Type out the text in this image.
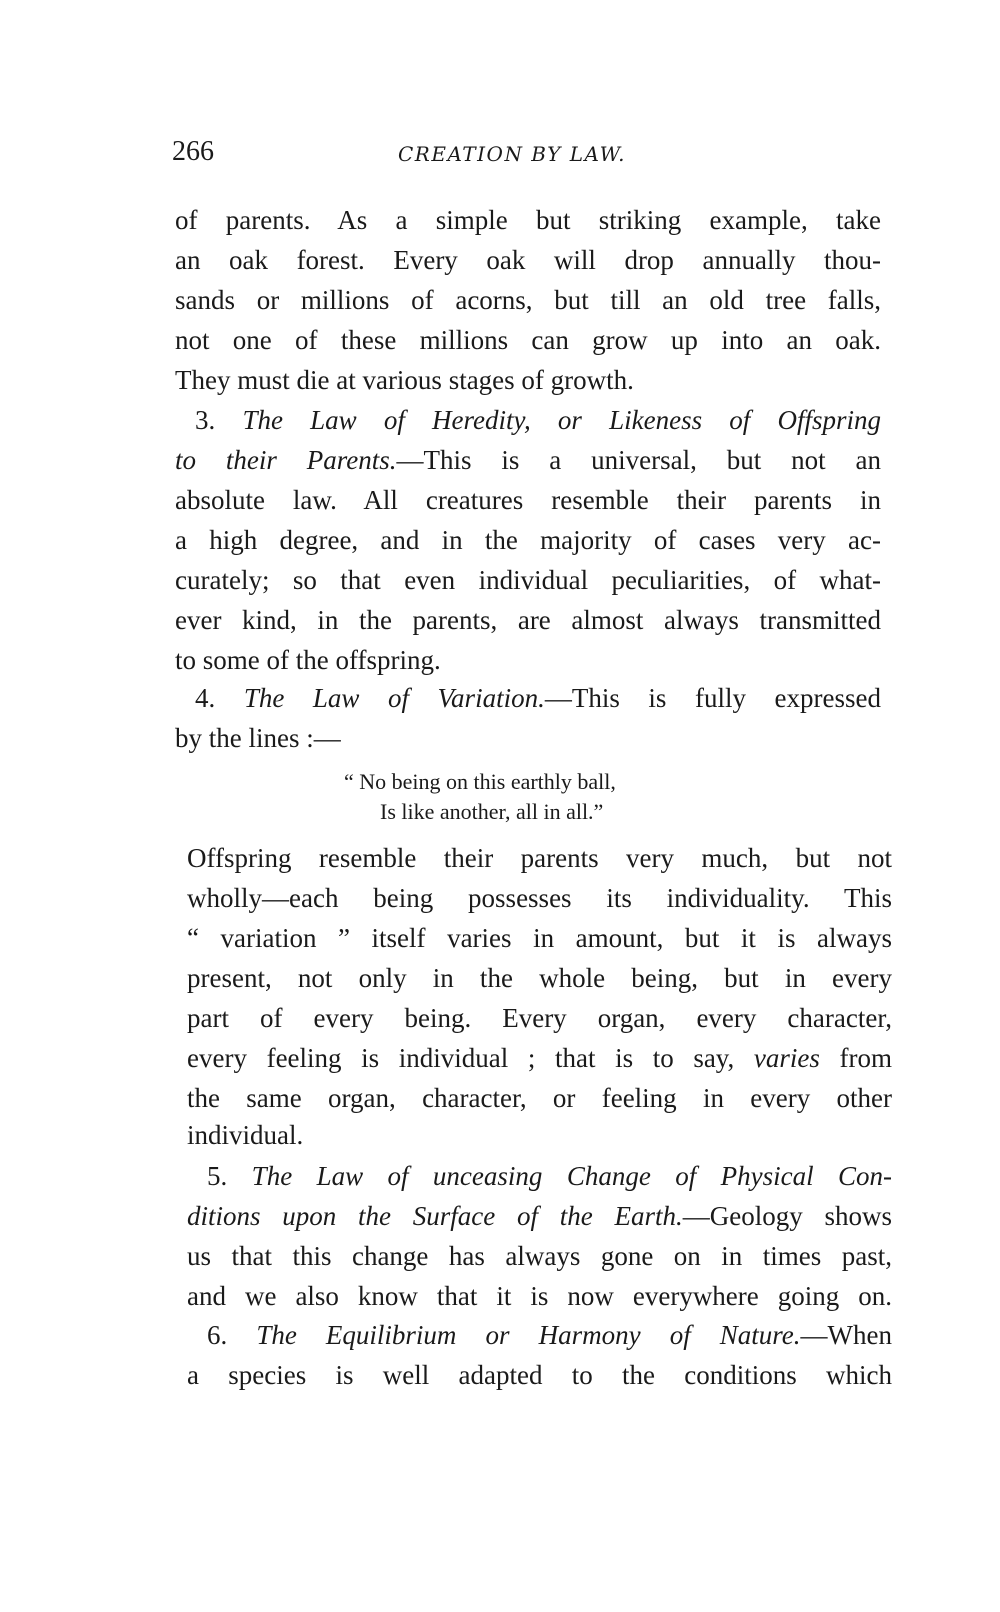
266	CREATION BY LAW.
of parents. As a simple but striking example, take
an oak forest. Every oak will drop annually thou-
sands or millions of acorns, but till an old tree falls,
not one of these millions can grow up into an oak.
They must die at various stages of growth.
3. The Law of Heredity, or Likeness of Offspring
to their Parents.—This is a universal, but not an
absolute law. All creatures resemble their parents in
a high degree, and in the majority of cases very ac-
curately; so that even individual peculiarities, of what-
ever kind, in the parents, are almost always transmitted
to some of the offspring.
4. The Law of Variation.—This is fully expressed
by the lines :—
“ No being on this earthly ball,
Is like another, all in all.”
Offspring resemble their parents very much, but not
wholly—each being possesses its individuality. This
“ variation ” itself varies in amount, but it is always
present, not only in the whole being, but in every
part of every being. Every organ, every character,
every feeling is individual ; that is to say, varies from
the same organ, character, or feeling in every other
individual.
5. The Law of unceasing Change of Physical Con-
ditions upon the Surface of the Earth.—Geology shows
us that this change has always gone on in times past,
and we also know that it is now everywhere going on.
6. The Equilibrium or Harmony of Nature.—When
a species is well adapted to the conditions which
